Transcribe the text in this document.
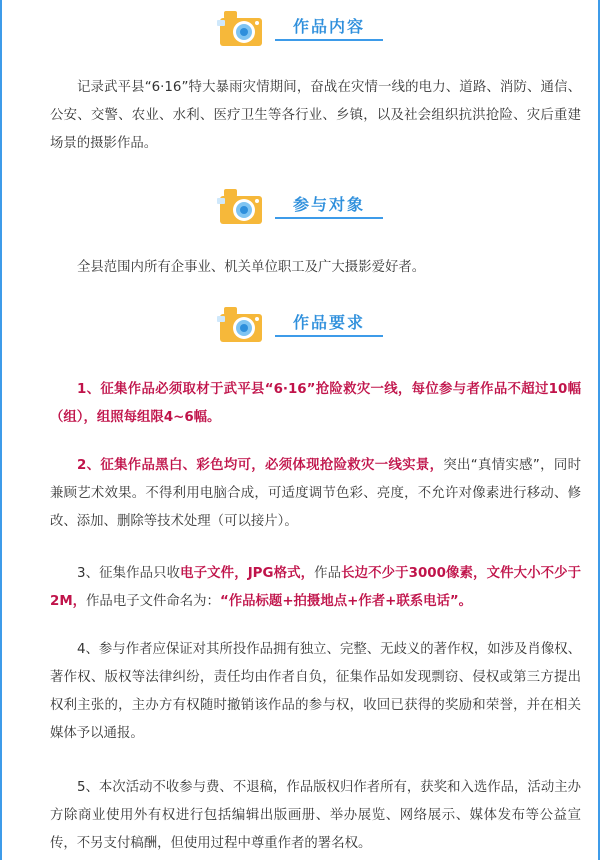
作品内容

记录武平县“6·16”特大暴雨灾情期间，奋战在灾情一线的电力、道路、消防、通信、公安、交警、农业、水利、医疗卫生等各行业、乡镇，以及社会组织抗洪抢险、灾后重建场景的摄影作品。

参与对象

全县范围内所有企事业、机关单位职工及广大摄影爱好者。

作品要求

1、征集作品必须取材于武平县“6·16”抢险救灾一线，每位参与者作品不超过10幅（组），组照每组限4~6幅。

2、征集作品黑白、彩色均可，必须体现抢险救灾一线实景，突出“真情实感”，同时兼顾艺术效果。不得利用电脑合成，可适度调节色彩、亮度，不允许对像素进行移动、修改、添加、删除等技术处理（可以接片）。

3、征集作品只收电子文件，JPG格式，作品长边不少于3000像素，文件大小不少于2M，作品电子文件命名为：“作品标题+拍摄地点+作者+联系电话”。

4、参与作者应保证对其所投作品拥有独立、完整、无歧义的著作权，如涉及肖像权、著作权、版权等法律纠纷，责任均由作者自负，征集作品如发现剽窃、侵权或第三方提出权利主张的，主办方有权随时撤销该作品的参与权，收回已获得的奖励和荣誉，并在相关媒体予以通报。

5、本次活动不收参与费、不退稿，作品版权归作者所有，获奖和入选作品，活动主办方除商业使用外有权进行包括编辑出版画册、举办展览、网络展示、媒体发布等公益宣传，不另支付稿酬，但使用过程中尊重作者的署名权。
